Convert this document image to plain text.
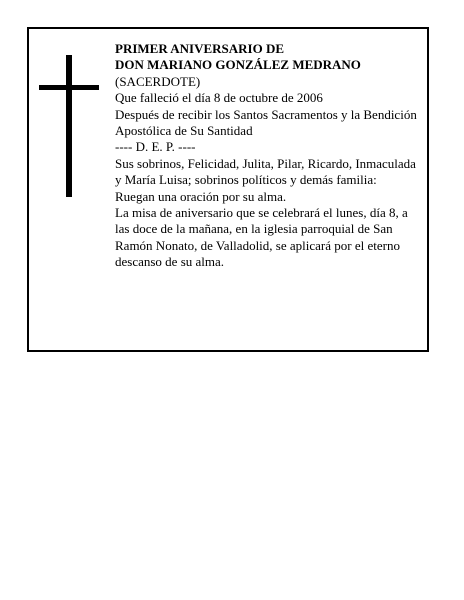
PRIMER ANIVERSARIO DE
DON MARIANO GONZÁLEZ MEDRANO
(SACERDOTE)
Que falleció el día 8 de octubre de 2006
Después de recibir los Santos Sacramentos y la Bendición Apostólica de Su Santidad
---- D. E. P. ----
Sus sobrinos, Felicidad, Julita, Pilar, Ricardo, Inmaculada y María Luisa; sobrinos políticos y demás familia:
Ruegan una oración por su alma.
La misa de aniversario que se celebrará el lunes, día 8, a las doce de la mañana, en la iglesia parroquial de San Ramón Nonato, de Valladolid, se aplicará por el eterno descanso de su alma.
